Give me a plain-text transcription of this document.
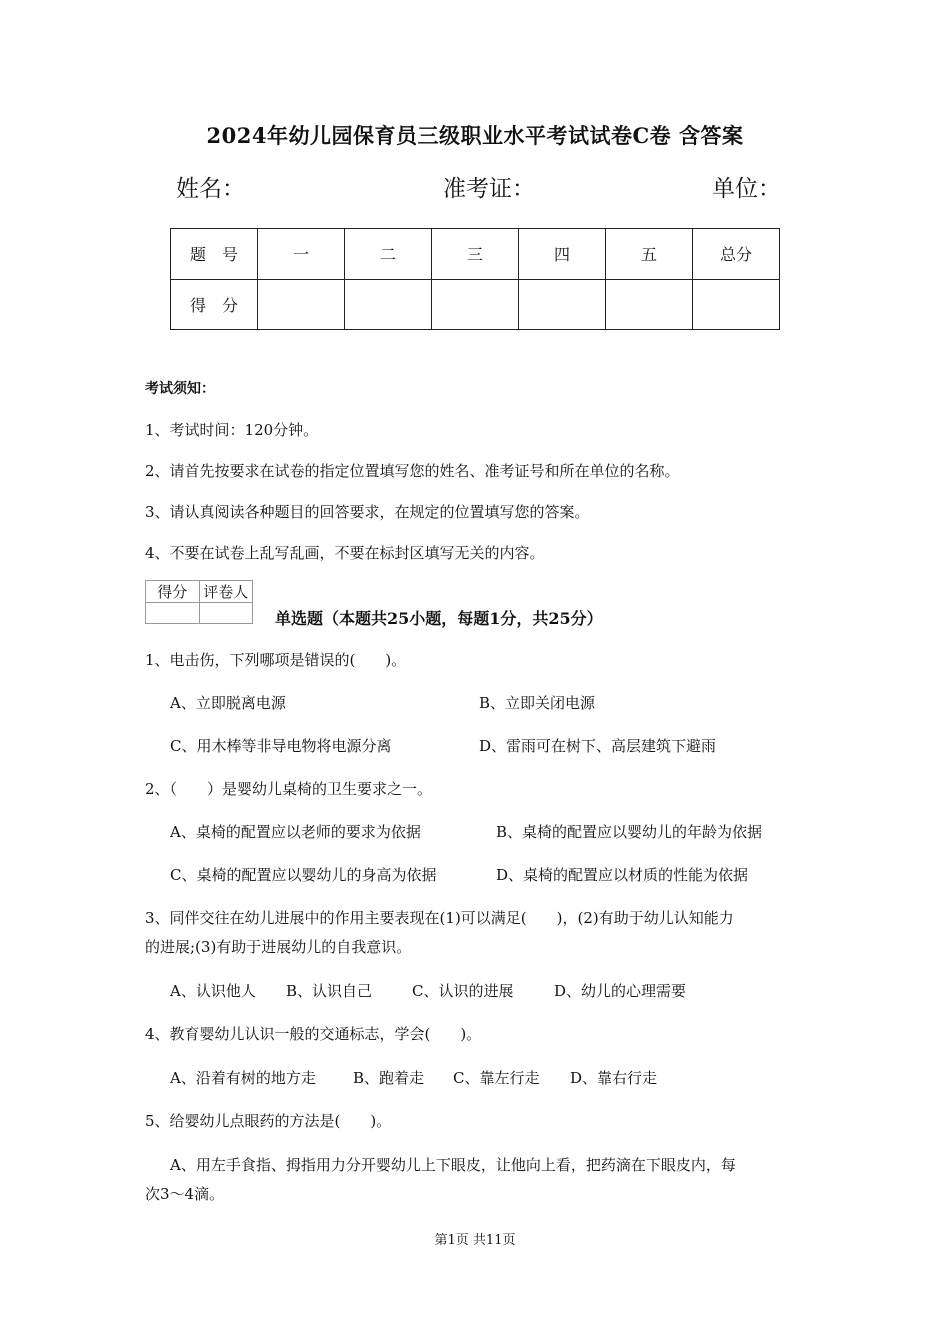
2024年幼儿园保育员三级职业水平考试试卷C卷 含答案
姓名：	准考证：	单位：
题　号	一	二	三	四	五	总分
得　分						
考试须知：
1、考试时间：120分钟。
2、请首先按要求在试卷的指定位置填写您的姓名、准考证号和所在单位的名称。
3、请认真阅读各种题目的回答要求，在规定的位置填写您的答案。
4、不要在试卷上乱写乱画，不要在标封区填写无关的内容。
得分	评卷人

单选题（本题共25小题，每题1分，共25分）
1、电击伤，下列哪项是错误的(　　)。
A、立即脱离电源	B、立即关闭电源
C、用木棒等非导电物将电源分离	D、雷雨可在树下、高层建筑下避雨
2、（　　）是婴幼儿桌椅的卫生要求之一。
A、桌椅的配置应以老师的要求为依据	B、桌椅的配置应以婴幼儿的年龄为依据
C、桌椅的配置应以婴幼儿的身高为依据	D、桌椅的配置应以材质的性能为依据
3、同伴交往在幼儿进展中的作用主要表现在(1)可以满足(　　)，(2)有助于幼儿认知能力
的进展;(3)有助于进展幼儿的自我意识。
A、认识他人 B、认识自己	C、认识的进展	D、幼儿的心理需要
4、教育婴幼儿认识一般的交通标志，学会(　　)。
A、沿着有树的地方走 B、跑着走 C、靠左行走 D、靠右行走
5、给婴幼儿点眼药的方法是(　　)。
A、用左手食指、拇指用力分开婴幼儿上下眼皮，让他向上看，把药滴在下眼皮内，每
次3～4滴。
第1页 共11页
